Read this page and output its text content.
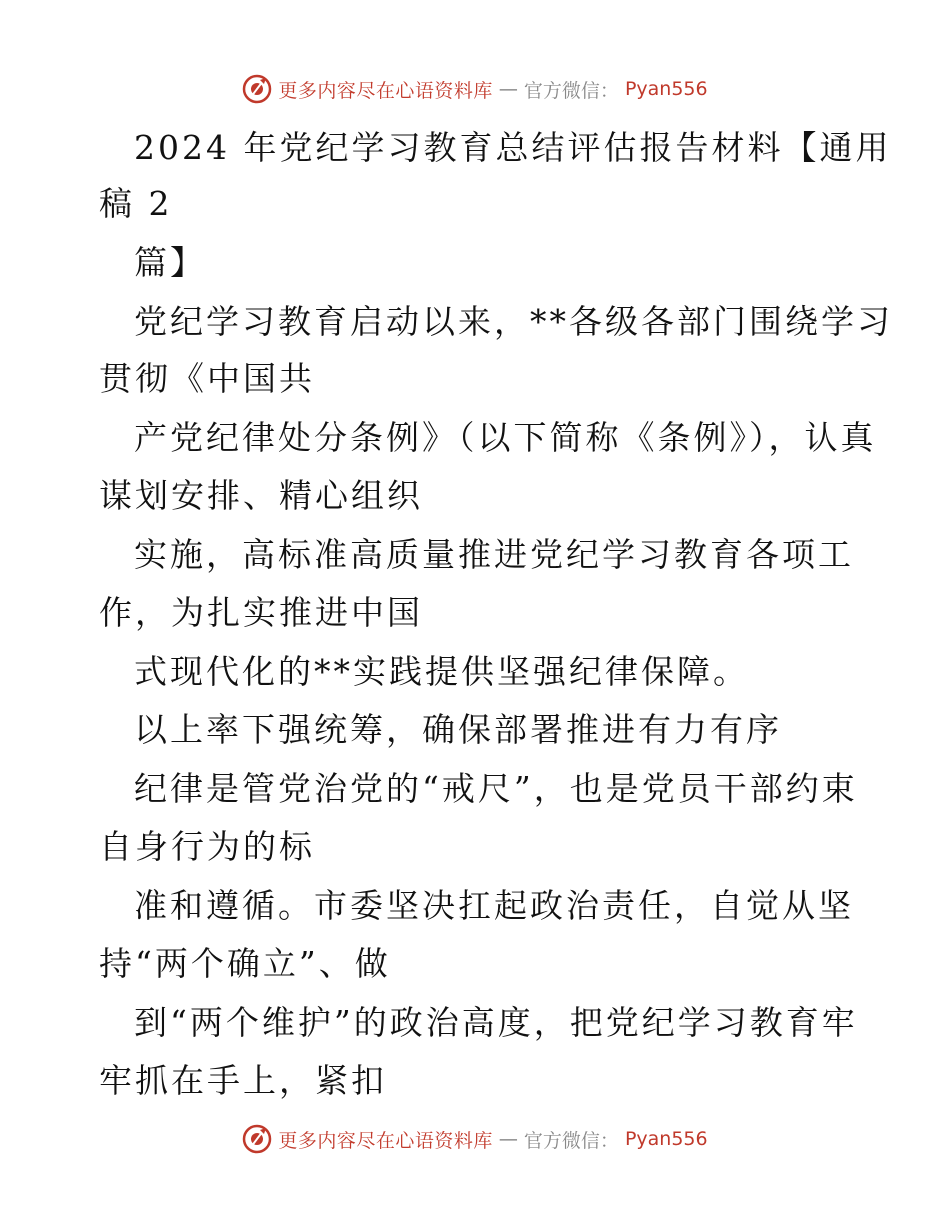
更多内容尽在心语资料库 — 官方微信： Pyan556
2024 年党纪学习教育总结评估报告材料【通用
稿 2
篇】
党纪学习教育启动以来，**各级各部门围绕学习
贯彻《中国共
产党纪律处分条例》（以下简称《条例》），认真
谋划安排、精心组织
实施，高标准高质量推进党纪学习教育各项工
作，为扎实推进中国
式现代化的**实践提供坚强纪律保障。
以上率下强统筹，确保部署推进有力有序
纪律是管党治党的“戒尺”，也是党员干部约束
自身行为的标
准和遵循。市委坚决扛起政治责任，自觉从坚
持“两个确立”、做
到“两个维护”的政治高度，把党纪学习教育牢
牢抓在手上，紧扣
更多内容尽在心语资料库 — 官方微信： Pyan556
